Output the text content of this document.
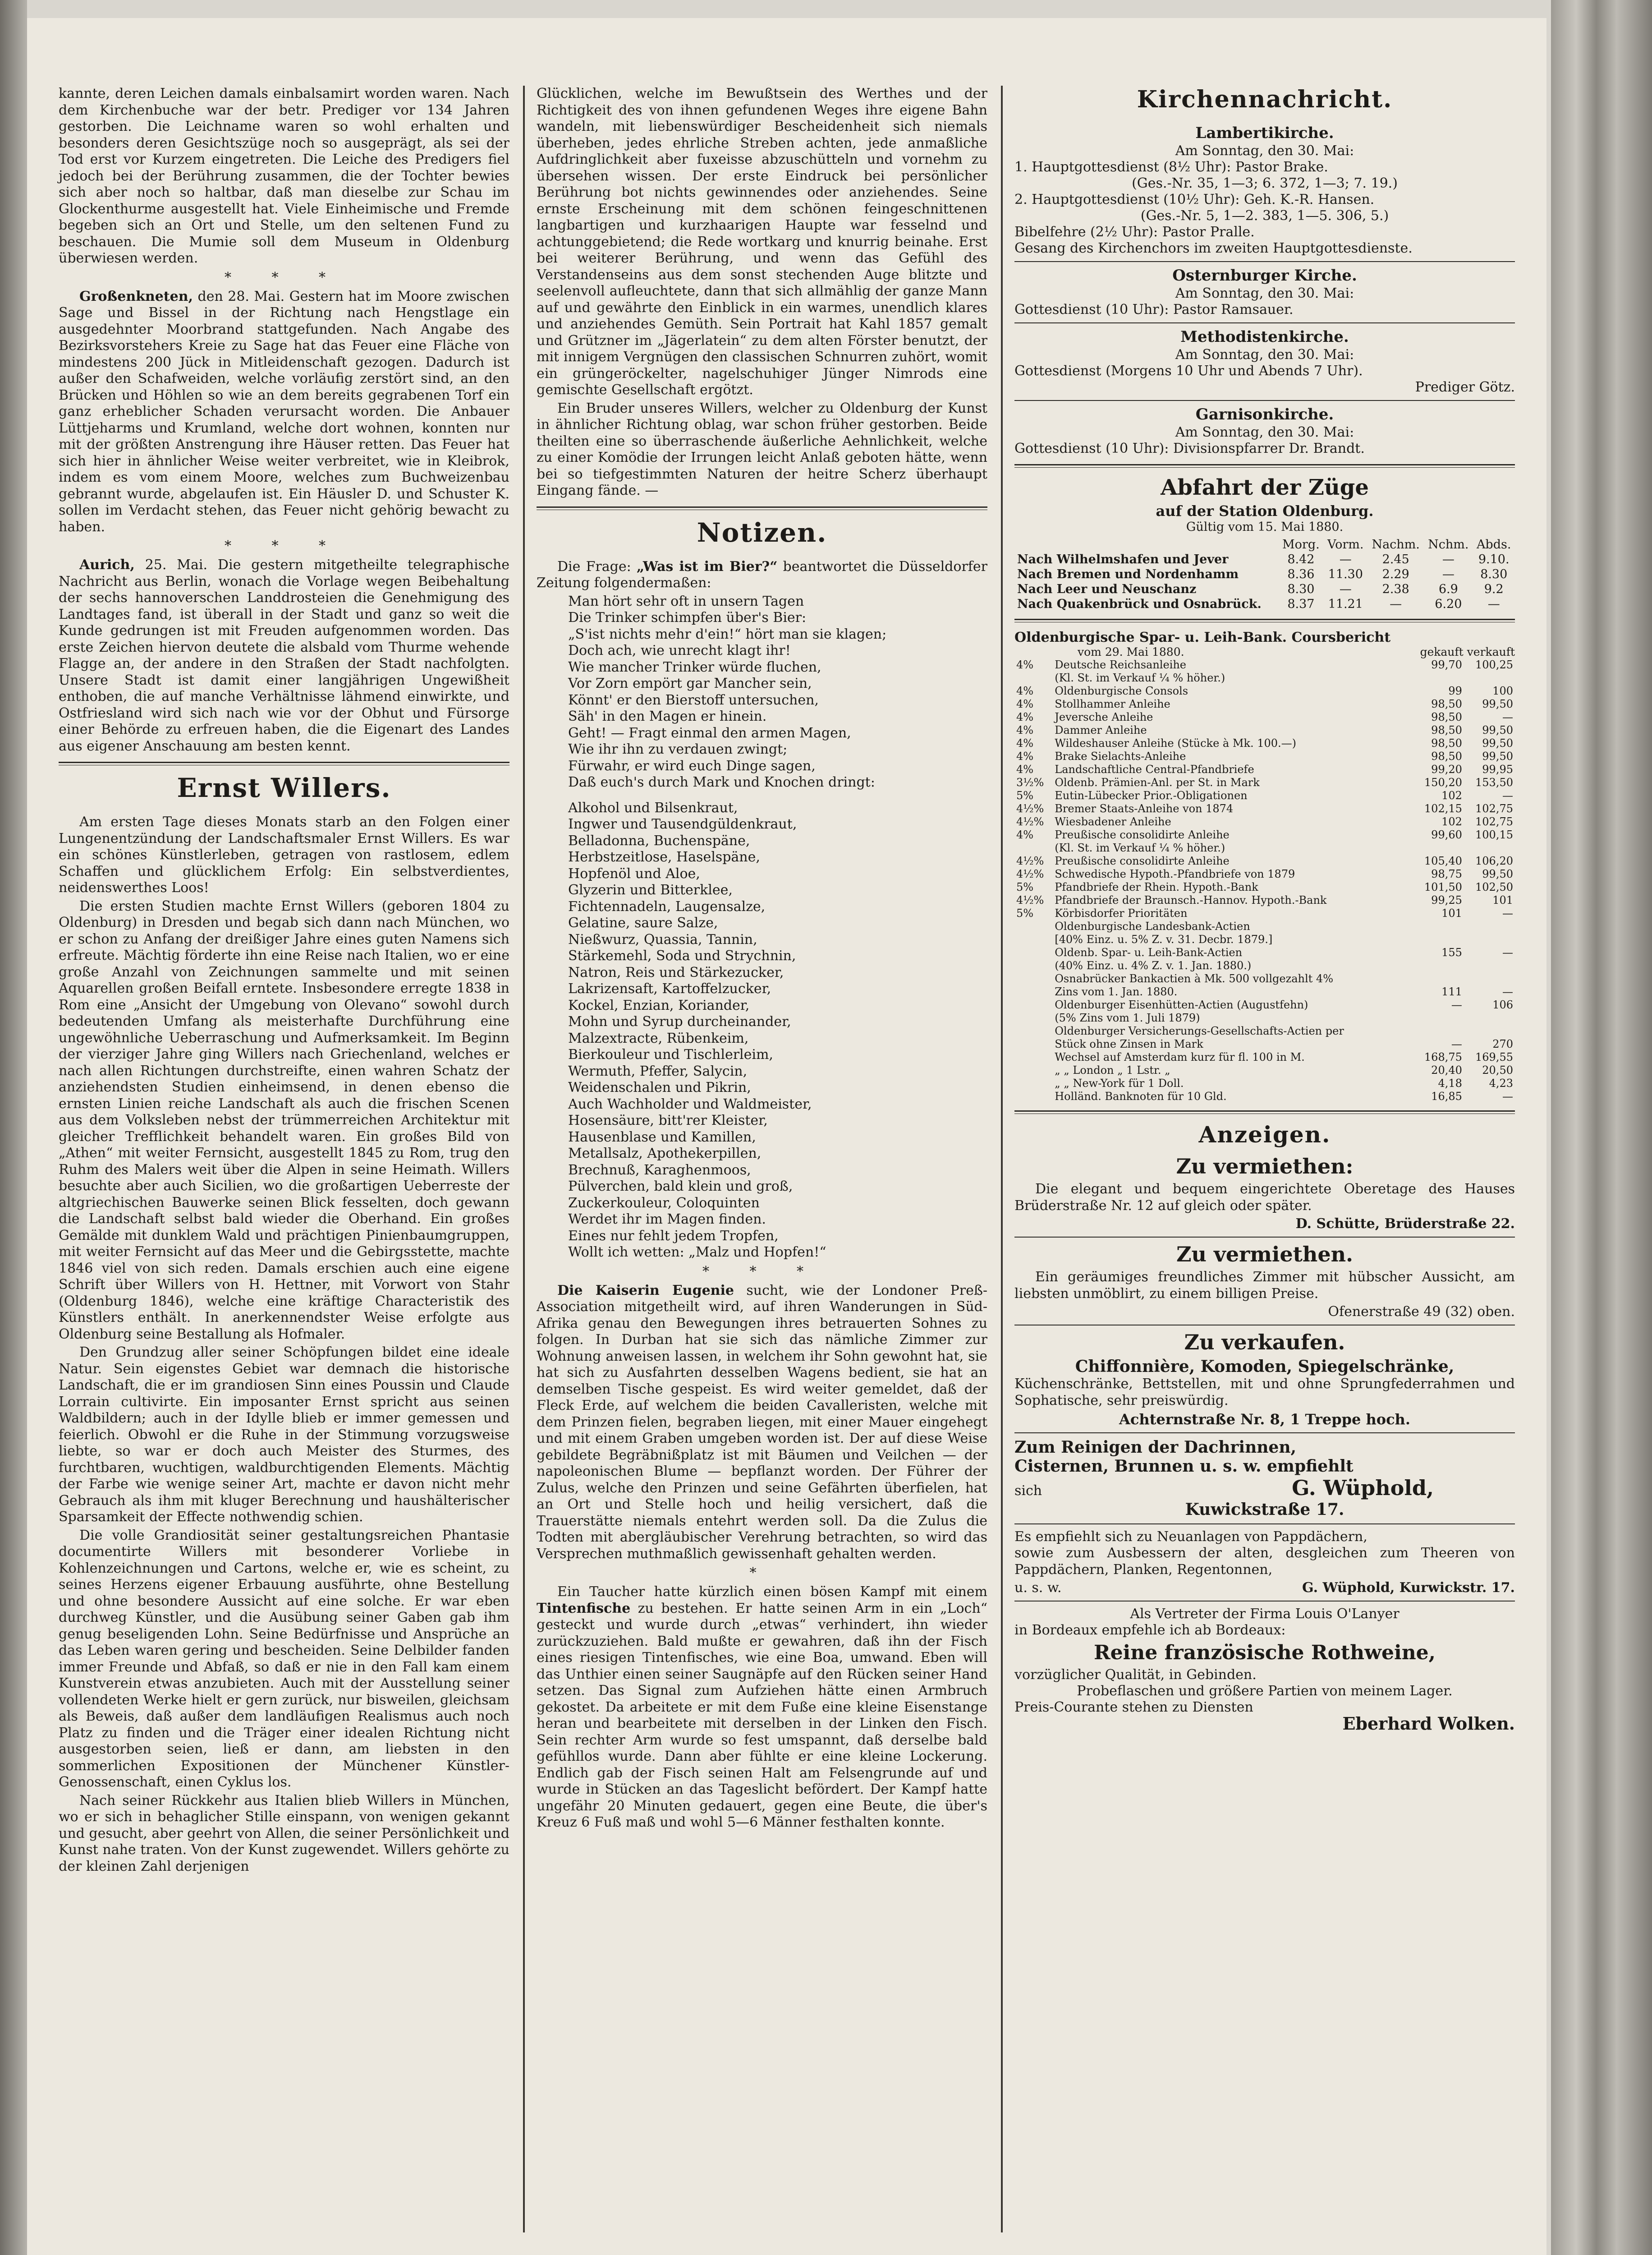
kannte, deren Leichen damals einbalsamirt worden waren. Nach dem Kirchenbuche war der betr. Prediger vor 134 Jahren gestorben. Die Leichname waren so wohl erhalten und besonders deren Gesichtszüge noch so ausgeprägt, als sei der Tod erst vor Kurzem eingetreten. Die Leiche des Predigers fiel jedoch bei der Berührung zusammen, die der Tochter bewies sich aber noch so haltbar, daß man dieselbe zur Schau im Glockenthurme ausgestellt hat. Viele Einheimische und Fremde begeben sich an Ort und Stelle, um den seltenen Fund zu beschauen. Die Mumie soll dem Museum in Oldenburg überwiesen werden.

* * *

Großenkneten, den 28. Mai. Gestern hat im Moore zwischen Sage und Bissel in der Richtung nach Hengstlage ein ausgedehnter Moorbrand stattgefunden. Nach Angabe des Bezirksvorstehers Kreie zu Sage hat das Feuer eine Fläche von mindestens 200 Jück in Mitleidenschaft gezogen. Dadurch ist außer den Schafweiden, welche vorläufig zerstört sind, an den Brücken und Höhlen so wie an dem bereits gegrabenen Torf ein ganz erheblicher Schaden verursacht worden. Die Anbauer Lüttjeharms und Krumland, welche dort wohnen, konnten nur mit der größten Anstrengung ihre Häuser retten. Das Feuer hat sich hier in ähnlicher Weise weiter verbreitet, wie in Kleibrok, indem es vom einem Moore, welches zum Buchweizenbau gebrannt wurde, abgelaufen ist. Ein Häusler D. und Schuster K. sollen im Verdacht stehen, das Feuer nicht gehörig bewacht zu haben.

* * *

Aurich, 25. Mai. Die gestern mitgetheilte telegraphische Nachricht aus Berlin, wonach die Vorlage wegen Beibehaltung der sechs hannoverschen Landdrosteien die Genehmigung des Landtages fand, ist überall in der Stadt und ganz so weit die Kunde gedrungen ist mit Freuden aufgenommen worden. Das erste Zeichen hiervon deutete die alsbald vom Thurme wehende Flagge an, der andere in den Straßen der Stadt nachfolgten. Unsere Stadt ist damit einer langjährigen Ungewißheit enthoben, die auf manche Verhältnisse lähmend einwirkte, und Ostfriesland wird sich nach wie vor der Obhut und Fürsorge einer Behörde zu erfreuen haben, die die Eigenart des Landes aus eigener Anschauung am besten kennt.

Ernst Willers.

Am ersten Tage dieses Monats starb an den Folgen einer Lungenentzündung der Landschaftsmaler Ernst Willers. Es war ein schönes Künstlerleben, getragen von rastlosem, edlem Schaffen und glücklichem Erfolg: Ein selbstverdientes, neidenswerthes Loos!

Die ersten Studien machte Ernst Willers (geboren 1804 zu Oldenburg) in Dresden und begab sich dann nach München, wo er schon zu Anfang der dreißiger Jahre eines guten Namens sich erfreute. Mächtig förderte ihn eine Reise nach Italien, wo er eine große Anzahl von Zeichnungen sammelte und mit seinen Aquarellen großen Beifall erntete. Insbesondere erregte 1838 in Rom eine „Ansicht der Umgebung von Olevano“ sowohl durch bedeutenden Umfang als meisterhafte Durchführung eine ungewöhnliche Ueberraschung und Aufmerksamkeit. Im Beginn der vierziger Jahre ging Willers nach Griechenland, welches er nach allen Richtungen durchstreifte, einen wahren Schatz der anziehendsten Studien einheimsend, in denen ebenso die ernsten Linien reiche Landschaft als auch die frischen Scenen aus dem Volksleben nebst der trümmerreichen Architektur mit gleicher Trefflichkeit behandelt waren. Ein großes Bild von „Athen“ mit weiter Fernsicht, ausgestellt 1845 zu Rom, trug den Ruhm des Malers weit über die Alpen in seine Heimath. Willers besuchte aber auch Sicilien, wo die großartigen Ueberreste der altgriechischen Bauwerke seinen Blick fesselten, doch gewann die Landschaft selbst bald wieder die Oberhand. Ein großes Gemälde mit dunklem Wald und prächtigen Pinienbaumgruppen, mit weiter Fernsicht auf das Meer und die Gebirgsstette, machte 1846 viel von sich reden. Damals erschien auch eine eigene Schrift über Willers von H. Hettner, mit Vorwort von Stahr (Oldenburg 1846), welche eine kräftige Characteristik des Künstlers enthält. In anerkennendster Weise erfolgte aus Oldenburg seine Bestallung als Hofmaler.

Den Grundzug aller seiner Schöpfungen bildet eine ideale Natur. Sein eigenstes Gebiet war demnach die historische Landschaft, die er im grandiosen Sinn eines Poussin und Claude Lorrain cultivirte. Ein imposanter Ernst spricht aus seinen Waldbildern; auch in der Idylle blieb er immer gemessen und feierlich. Obwohl er die Ruhe in der Stimmung vorzugsweise liebte, so war er doch auch Meister des Sturmes, des furchtbaren, wuchtigen, waldburchtigenden Elements. Mächtig der Farbe wie wenige seiner Art, machte er davon nicht mehr Gebrauch als ihm mit kluger Berechnung und haushälterischer Sparsamkeit der Effecte nothwendig schien.

Die volle Grandiosität seiner gestaltungsreichen Phantasie documentirte Willers mit besonderer Vorliebe in Kohlenzeichnungen und Cartons, welche er, wie es scheint, zu seines Herzens eigener Erbauung ausführte, ohne Bestellung und ohne besondere Aussicht auf eine solche. Er war eben durchweg Künstler, und die Ausübung seiner Gaben gab ihm genug beseligenden Lohn. Seine Bedürfnisse und Ansprüche an das Leben waren gering und bescheiden. Seine Delbilder fanden immer Freunde und Abfaß, so daß er nie in den Fall kam einem Kunstverein etwas anzubieten. Auch mit der Ausstellung seiner vollendeten Werke hielt er gern zurück, nur bisweilen, gleichsam als Beweis, daß außer dem landläufigen Realismus auch noch Platz zu finden und die Träger einer idealen Richtung nicht ausgestorben seien, ließ er dann, am liebsten in den sommerlichen Expositionen der Münchener Künstler-Genossenschaft, einen Cyklus los.

Nach seiner Rückkehr aus Italien blieb Willers in München, wo er sich in behaglicher Stille einspann, von wenigen gekannt und gesucht, aber geehrt von Allen, die seiner Persönlichkeit und Kunst nahe traten. Von der Kunst zugewendet. Willers gehörte zu der kleinen Zahl derjenigen

Glücklichen, welche im Bewußtsein des Werthes und der Richtigkeit des von ihnen gefundenen Weges ihre eigene Bahn wandeln, mit liebenswürdiger Bescheidenheit sich niemals überheben, jedes ehrliche Streben achten, jede anmaßliche Aufdringlichkeit aber fuxeisse abzuschütteln und vornehm zu übersehen wissen. Der erste Eindruck bei persönlicher Berührung bot nichts gewinnendes oder anziehendes. Seine ernste Erscheinung mit dem schönen feingeschnittenen langbartigen und kurzhaarigen Haupte war fesselnd und achtunggebietend; die Rede wortkarg und knurrig beinahe. Erst bei weiterer Berührung, und wenn das Gefühl des Verstandenseins aus dem sonst stechenden Auge blitzte und seelenvoll aufleuchtete, dann that sich allmählig der ganze Mann auf und gewährte den Einblick in ein warmes, unendlich klares und anziehendes Gemüth. Sein Portrait hat Kahl 1857 gemalt und Grützner im „Jägerlatein“ zu dem alten Förster benutzt, der mit innigem Vergnügen den classischen Schnurren zuhört, womit ein grüngeröckelter, nagelschuhiger Jünger Nimrods eine gemischte Gesellschaft ergötzt.

Ein Bruder unseres Willers, welcher zu Oldenburg der Kunst in ähnlicher Richtung oblag, war schon früher gestorben. Beide theilten eine so überraschende äußerliche Aehnlichkeit, welche zu einer Komödie der Irrungen leicht Anlaß geboten hätte, wenn bei so tiefgestimmten Naturen der heitre Scherz überhaupt Eingang fände. —

Notizen.

Die Frage: „Was ist im Bier?“ beantwortet die Düsseldorfer Zeitung folgendermaßen:

Man hört sehr oft in unsern Tagen
Die Trinker schimpfen über's Bier:
„S'ist nichts mehr d'ein!“ hört man sie klagen;
Doch ach, wie unrecht klagt ihr!
Wie mancher Trinker würde fluchen,
Vor Zorn empört gar Mancher sein,
Könnt' er den Bierstoff untersuchen,
Säh' in den Magen er hinein.
Geht! — Fragt einmal den armen Magen,
Wie ihr ihn zu verdauen zwingt;
Fürwahr, er wird euch Dinge sagen,
Daß euch's durch Mark und Knochen dringt:
Alkohol und Bilsenkraut,
Ingwer und Tausendgüldenkraut,
Belladonna, Buchenspäne,
Herbstzeitlose, Haselspäne,
Hopfenöl und Aloe,
Glyzerin und Bitterklee,
Fichtennadeln, Laugensalze,
Gelatine, saure Salze,
Nießwurz, Quassia, Tannin,
Stärkemehl, Soda und Strychnin,
Natron, Reis und Stärkezucker,
Lakrizensaft, Kartoffelzucker,
Kockel, Enzian, Koriander,
Mohn und Syrup durcheinander,
Malzextracte, Rübenkeim,
Bierkouleur und Tischlerleim,
Wermuth, Pfeffer, Salycin,
Weidenschalen und Pikrin,
Auch Wachholder und Waldmeister,
Hosensäure, bitt'rer Kleister,
Hausenblase und Kamillen,
Metallsalz, Apothekerpillen,
Brechnuß, Karaghenmoos,
Pülverchen, bald klein und groß,
Zuckerkouleur, Coloquinten
Werdet ihr im Magen finden.
Eines nur fehlt jedem Tropfen,
Wollt ich wetten: „Malz und Hopfen!“
* * *

Die Kaiserin Eugenie sucht, wie der Londoner Preß-Association mitgetheilt wird, auf ihren Wanderungen in Süd-Afrika genau den Bewegungen ihres betrauerten Sohnes zu folgen. In Durban hat sie sich das nämliche Zimmer zur Wohnung anweisen lassen, in welchem ihr Sohn gewohnt hat, sie hat sich zu Ausfahrten desselben Wagens bedient, sie hat an demselben Tische gespeist. Es wird weiter gemeldet, daß der Fleck Erde, auf welchem die beiden Cavalleristen, welche mit dem Prinzen fielen, begraben liegen, mit einer Mauer eingehegt und mit einem Graben umgeben worden ist. Der auf diese Weise gebildete Begräbnißplatz ist mit Bäumen und Veilchen — der napoleonischen Blume — bepflanzt worden. Der Führer der Zulus, welche den Prinzen und seine Gefährten überfielen, hat an Ort und Stelle hoch und heilig versichert, daß die Trauerstätte niemals entehrt werden soll. Da die Zulus die Todten mit abergläubischer Verehrung betrachten, so wird das Versprechen muthmaßlich gewissenhaft gehalten werden.

*

Ein Taucher hatte kürzlich einen bösen Kampf mit einem Tintenfische zu bestehen. Er hatte seinen Arm in ein „Loch“ gesteckt und wurde durch „etwas“ verhindert, ihn wieder zurückzuziehen. Bald mußte er gewahren, daß ihn der Fisch eines riesigen Tintenfisches, wie eine Boa, umwand. Eben will das Unthier einen seiner Saugnäpfe auf den Rücken seiner Hand setzen. Das Signal zum Aufziehen hätte einen Armbruch gekostet. Da arbeitete er mit dem Fuße eine kleine Eisenstange heran und bearbeitete mit derselben in der Linken den Fisch. Sein rechter Arm wurde so fest umspannt, daß derselbe bald gefühllos wurde. Dann aber fühlte er eine kleine Lockerung. Endlich gab der Fisch seinen Halt am Felsengrunde auf und wurde in Stücken an das Tageslicht befördert. Der Kampf hatte ungefähr 20 Minuten gedauert, gegen eine Beute, die über's Kreuz 6 Fuß maß und wohl 5—6 Männer festhalten konnte.

Kirchennachricht.
Lambertikirche.
Am Sonntag, den 30. Mai:
1. Hauptgottesdienst (8½ Uhr): Pastor Brake.
(Ges.-Nr. 35, 1—3; 6. 372, 1—3; 7. 19.)
2. Hauptgottesdienst (10½ Uhr): Geh. K.-R. Hansen.
(Ges.-Nr. 5, 1—2. 383, 1—5. 306, 5.)
Bibelfehre (2½ Uhr): Pastor Pralle.
Gesang des Kirchenchors im zweiten Hauptgottesdienste.
Osternburger Kirche.
Am Sonntag, den 30. Mai:
Gottesdienst (10 Uhr): Pastor Ramsauer.
Methodistenkirche.
Am Sonntag, den 30. Mai:
Gottesdienst (Morgens 10 Uhr und Abends 7 Uhr).
Prediger Götz.
Garnisonkirche.
Am Sonntag, den 30. Mai:
Gottesdienst (10 Uhr): Divisionspfarrer Dr. Brandt.
Abfahrt der Züge
auf der Station Oldenburg.
Gültig vom 15. Mai 1880.
	Morg.	Vorm.	Nachm.	Nchm.	Abds.
Nach Wilhelmshafen und Jever	8.42	—	2.45	—	9.10.
Nach Bremen und Nordenhamm	8.36	11.30	2.29	—	8.30
Nach Leer und Neuschanz	8.30	—	2.38	6.9	9.2
Nach Quakenbrück und Osnabrück.	8.37	11.21	—	6.20	—
Oldenburgische Spar- u. Leih-Bank. Coursbericht
vom 29. Mai 1880.	gekauft verkauft
4%	Deutsche Reichsanleihe	99,70	100,25
	(Kl. St. im Verkauf ¼ % höher.)		
4%	Oldenburgische Consols	99	100
4%	Stollhammer Anleihe	98,50	99,50
4%	Jeversche Anleihe	98,50	—
4%	Dammer Anleihe	98,50	99,50
4%	Wildeshauser Anleihe (Stücke à Mk. 100.—)	98,50	99,50
4%	Brake Sielachts-Anleihe	98,50	99,50
4%	Landschaftliche Central-Pfandbriefe	99,20	99,95
3½%	Oldenb. Prämien-Anl. per St. in Mark	150,20	153,50
5%	Eutin-Lübecker Prior.-Obligationen	102	—
4½%	Bremer Staats-Anleihe von 1874	102,15	102,75
4½%	Wiesbadener Anleihe	102	102,75
4%	Preußische consolidirte Anleihe	99,60	100,15
	(Kl. St. im Verkauf ¼ % höher.)		
4½%	Preußische consolidirte Anleihe	105,40	106,20
4½%	Schwedische Hypoth.-Pfandbriefe von 1879	98,75	99,50
5%	Pfandbriefe der Rhein. Hypoth.-Bank	101,50	102,50
4½%	Pfandbriefe der Braunsch.-Hannov. Hypoth.-Bank	99,25	101
5%	Körbisdorfer Prioritäten	101	—
	Oldenburgische Landesbank-Actien		
	[40% Einz. u. 5% Z. v. 31. Decbr. 1879.]		
	Oldenb. Spar- u. Leih-Bank-Actien	155	—
	(40% Einz. u. 4% Z. v. 1. Jan. 1880.)		
	Osnabrücker Bankactien à Mk. 500 vollgezahlt 4%		
	Zins vom 1. Jan. 1880.	111	—
	Oldenburger Eisenhütten-Actien (Augustfehn)	—	106
	(5% Zins vom 1. Juli 1879)		
	Oldenburger Versicherungs-Gesellschafts-Actien per		
	Stück ohne Zinsen in Mark	—	270
	Wechsel auf Amsterdam kurz für fl. 100 in M.	168,75	169,55
	„ „ London „ 1 Lstr. „	20,40	20,50
	„ „ New-York für 1 Doll.	4,18	4,23
	Holländ. Banknoten für 10 Gld.	16,85	—
Anzeigen.
Zu vermiethen:

Die elegant und bequem eingerichtete Oberetage des Hauses Brüderstraße Nr. 12 auf gleich oder später.

D. Schütte, Brüderstraße 22.
Zu vermiethen.

Ein geräumiges freundliches Zimmer mit hübscher Aussicht, am liebsten unmöblirt, zu einem billigen Preise.

Ofenerstraße 49 (32) oben.
Zu verkaufen.
Chiffonnière, Komoden, Spiegelschränke,

Küchenschränke, Bettstellen, mit und ohne Sprungfederrahmen und Sophatische, sehr preiswürdig.

Achternstraße Nr. 8, 1 Treppe hoch.
Zum Reinigen der Dachrinnen,
Cisternen, Brunnen u. s. w. empfiehlt
sich	G. Wüphold,
Kuwickstraße 17.
Es empfiehlt sich zu Neuanlagen von Pappdächern,

sowie zum Ausbessern der alten, desgleichen zum Theeren von Pappdächern, Planken, Regentonnen,

u. s. w.	G. Wüphold, Kurwickstr. 17.
Als Vertreter der Firma Louis O'Lanyer
in Bordeaux empfehle ich ab Bordeaux:
Reine französische Rothweine,
vorzüglicher Qualität, in Gebinden.
Probeflaschen und größere Partien von meinem Lager.
Preis-Courante stehen zu Diensten
Eberhard Wolken.
